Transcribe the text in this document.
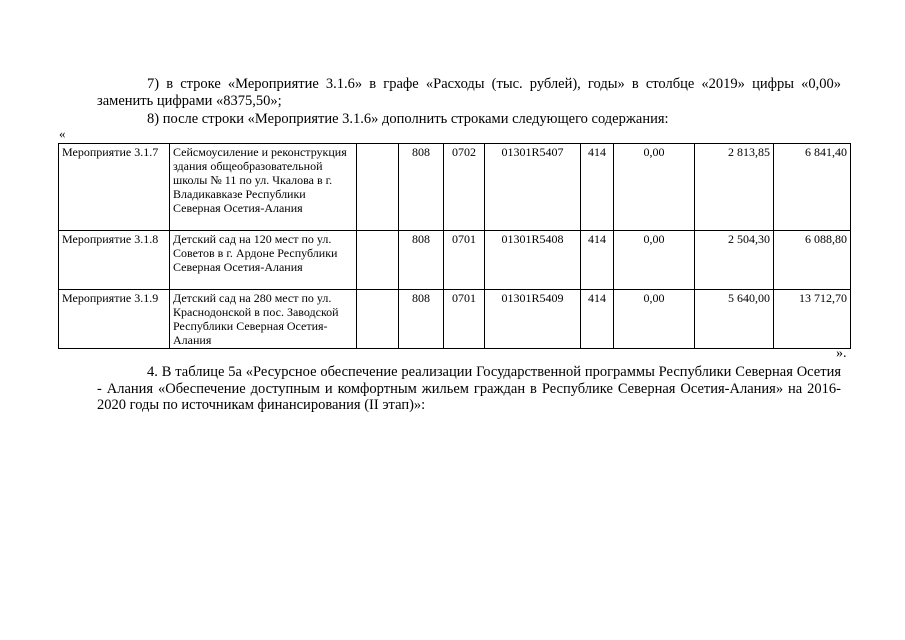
7) в строке «Мероприятие 3.1.6» в графе «Расходы (тыс. рублей), годы» в столбце «2019» цифры «0,00» заменить цифрами «8375,50»;

8) после строки «Мероприятие 3.1.6» дополнить строками следующего содержания:

«
Мероприятие 3.1.7	Сейсмоусиление и реконструкция здания общеобразовательной школы № 11 по ул. Чкалова в г. Владикавказе Республики Северная Осетия-Алания		808	0702	01301R5407	414	0,00	2 813,85	6 841,40
Мероприятие 3.1.8	Детский сад на 120 мест по ул. Советов в г. Ардоне Республики Северная Осетия-Алания		808	0701	01301R5408	414	0,00	2 504,30	6 088,80
Мероприятие 3.1.9	Детский сад на 280 мест по ул. Краснодонской в пос. Заводской Республики Северная Осетия-Алания		808	0701	01301R5409	414	0,00	5 640,00	13 712,70
».

4. В таблице 5а «Ресурсное обеспечение реализации Государственной программы Республики Северная Осетия - Алания «Обеспечение доступным и комфортным жильем граждан в Республике Северная Осетия-Алания» на 2016-2020 годы по источникам финансирования (II этап)»:
